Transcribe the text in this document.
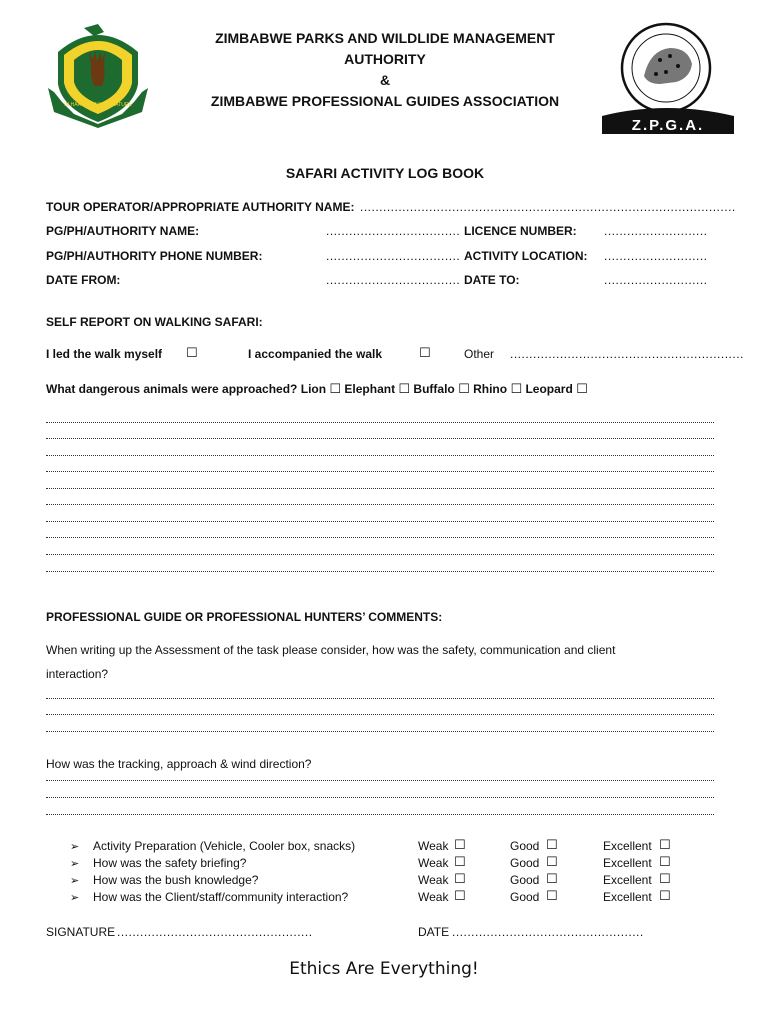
IN HARMONY WITH NATURE
Z.P.G.A.
ZIMBABWE PARKS AND WILDLIDE MANAGEMENT
AUTHORITY
&
ZIMBABWE PROFESSIONAL GUIDES ASSOCIATION
SAFARI ACTIVITY LOG BOOK
TOUR OPERATOR/APPROPRIATE AUTHORITY NAME: ..................................................................................................
PG/PH/AUTHORITY NAME:	................................... LICENCE NUMBER: ...........................
PG/PH/AUTHORITY PHONE NUMBER:	................................... ACTIVITY LOCATION: ...........................
DATE FROM:	................................... DATE TO:	...........................
SELF REPORT ON WALKING SAFARI:
I led the walk myself ☐	I accompanied the walk	☐	Other .............................................................
What dangerous animals were approached? Lion ☐ Elephant ☐ Buffalo ☐ Rhino ☐ Leopard ☐
PROFESSIONAL GUIDE OR PROFESSIONAL HUNTERS’ COMMENTS:
When writing up the Assessment of the task please consider, how was the safety, communication and client
interaction?
How was the tracking, approach & wind direction?
➢ Activity Preparation (Vehicle, Cooler box, snacks)	Weak ☐	Good ☐	Excellent ☐
➢ How was the safety briefing?	Weak ☐	Good ☐	Excellent ☐
➢ How was the bush knowledge?	Weak ☐	Good ☐	Excellent ☐
➢ How was the Client/staff/community interaction?	Weak ☐	Good ☐	Excellent ☐
SIGNATURE ...................................................	DATE ..................................................
Ethics Are Everything!
